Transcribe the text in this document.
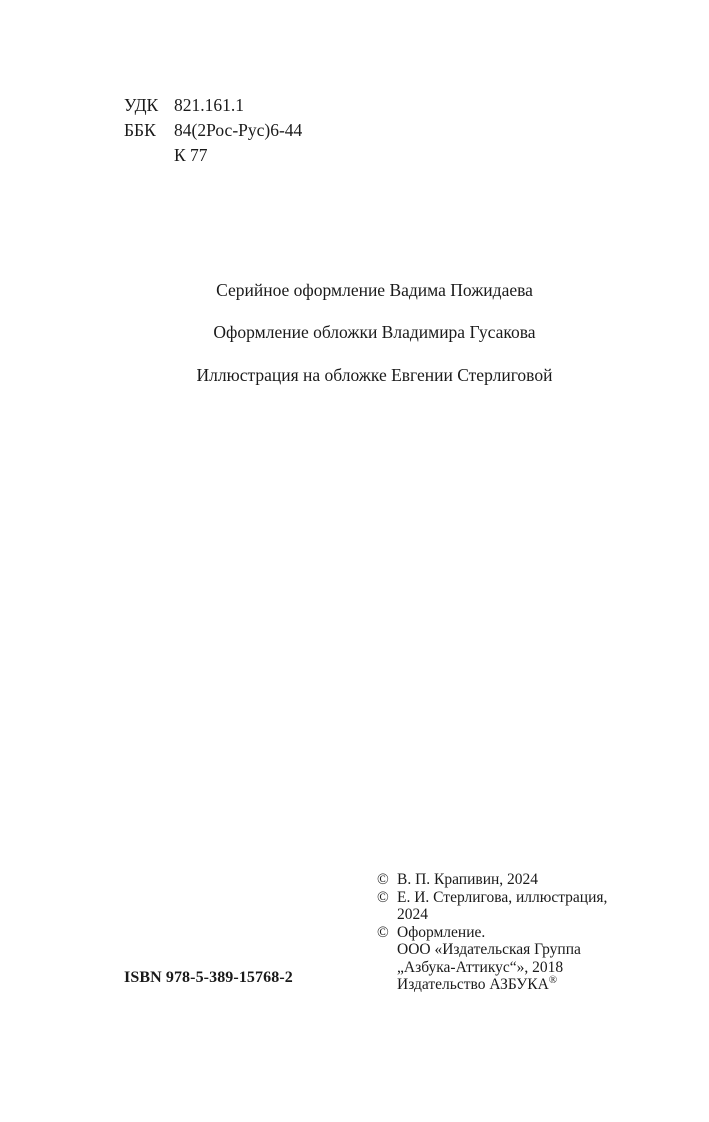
УДК 821.161.1
ББК	84(2Рос-Рус)6-44
К 77
Серийное оформление Вадима Пожидаева
Оформление обложки Владимира Гусакова
Иллюстрация на обложке Евгении Стерлиговой
© В. П. Крапивин, 2024
© Е. И. Стерлигова, иллюстрация,
2024
© Оформление.
ООО «Издательская Группа
„Азбука-Аттикус“», 2018
Издательство АЗБУКА®
ISBN 978-5-389-15768-2
